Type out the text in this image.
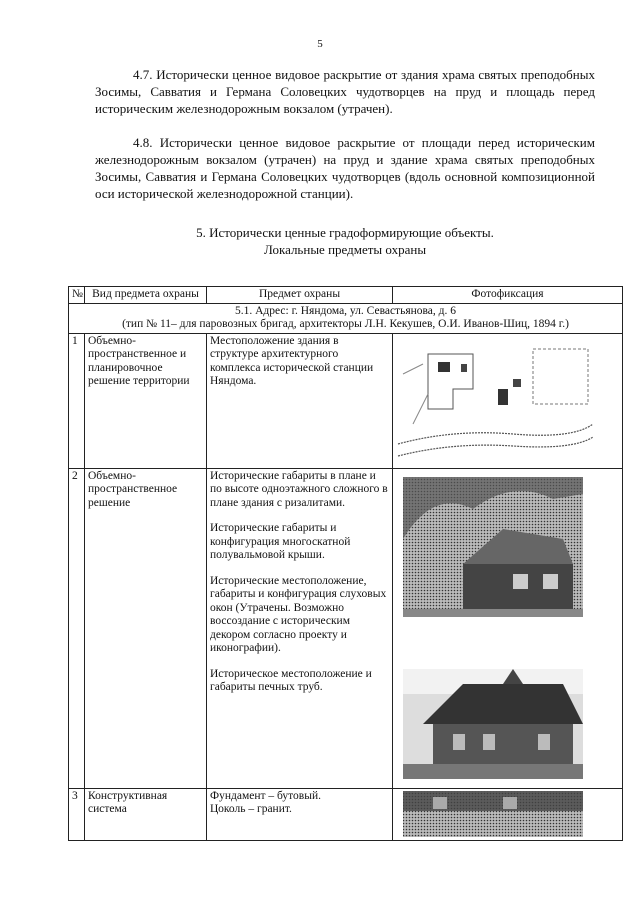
5

4.7. Исторически ценное видовое раскрытие от здания храма святых преподобных Зосимы, Савватия и Германа Соловецких чудотворцев на пруд и площадь перед историческим железнодорожным вокзалом (утрачен).

4.8. Исторически ценное видовое раскрытие от площади перед историческим железнодорожным вокзалом (утрачен) на пруд и здание храма святых преподобных Зосимы, Савватия и Германа Соловецких чудотворцев (вдоль основной композиционной оси исторической железнодорожной станции).

5. Исторически ценные градоформирующие объекты.
Локальные предметы охраны
№	Вид предмета охраны	Предмет охраны	Фотофиксация

5.1. Адрес: г. Няндома, ул. Севастьянова, д. 6
(тип № 11– для паровозных бригад, архитекторы Л.Н. Кекушев, О.И. Иванов-Шиц, 1894 г.)			

1	Объемно-пространственное и планировочное решение территории	Местоположение здания в структуре архитектурного комплекса исторической станции Няндома.

2	Объемно-пространственное решение	Исторические габариты в плане и по высоте одноэтажного сложного в плане здания с ризалитами.

Исторические габариты и конфигурация многоскатной полувальмовой крыши.

Исторические местоположение, габариты и конфигурация слуховых окон (Утрачены. Возможно воссоздание с историческим декором согласно проекту и иконографии).

Историческое местоположение и габариты печных труб.

3	Конструктивная система	Фундамент – бутовый.
Цоколь – гранит.
